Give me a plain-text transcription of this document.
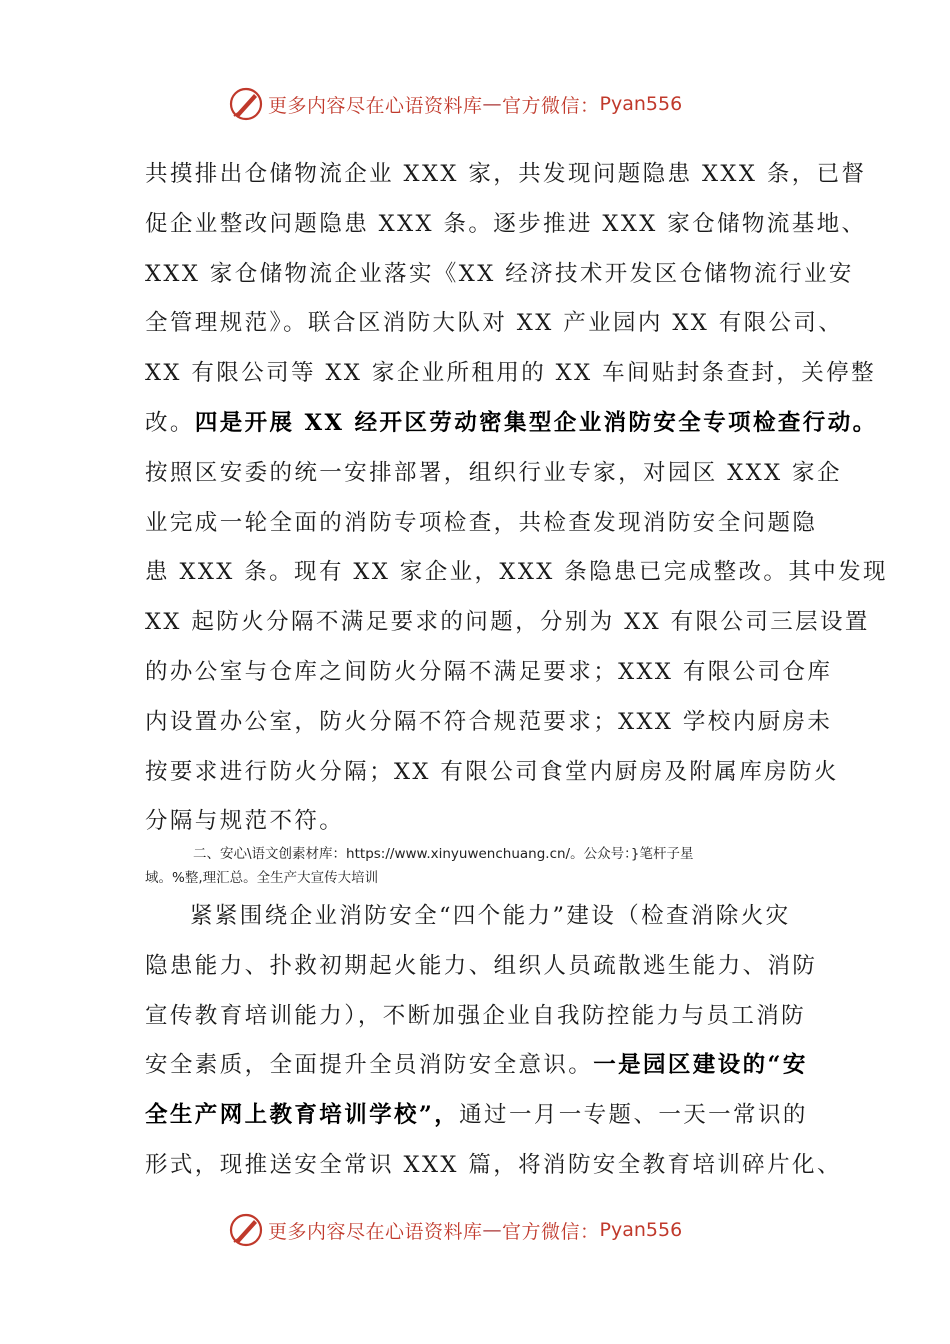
更多内容尽在心语资料库 — 官方微信： Pyan556
共摸排出仓储物流企业 XXX 家，共发现问题隐患 XXX 条，已督
促企业整改问题隐患 XXX 条。逐步推进 XXX 家仓储物流基地、
XXX 家仓储物流企业落实《XX 经济技术开发区仓储物流行业安
全管理规范》。联合区消防大队对 XX 产业园内 XX 有限公司、
XX 有限公司等 XX 家企业所租用的 XX 车间贴封条查封，关停整
改。四是开展 XX 经开区劳动密集型企业消防安全专项检查行动。
按照区安委的统一安排部署，组织行业专家，对园区 XXX 家企
业完成一轮全面的消防专项检查，共检查发现消防安全问题隐
患 XXX 条。现有 XX 家企业，XXX 条隐患已完成整改。其中发现
XX 起防火分隔不满足要求的问题，分别为 XX 有限公司三层设置
的办公室与仓库之间防火分隔不满足要求；XXX 有限公司仓库
内设置办公室，防火分隔不符合规范要求；XXX 学校内厨房未
按要求进行防火分隔；XX 有限公司食堂内厨房及附属库房防火
分隔与规范不符。
二、安心\语文创素材库：https://www.xinyuwenchuang.cn/。公众号：}笔杆子星
域。%整,理汇总。全生产大宣传大培训
紧紧围绕企业消防安全“四个能力”建设（检查消除火灾
隐患能力、扑救初期起火能力、组织人员疏散逃生能力、消防
宣传教育培训能力），不断加强企业自我防控能力与员工消防
安全素质，全面提升全员消防安全意识。一是园区建设的“安
全生产网上教育培训学校”，通过一月一专题、一天一常识的
形式，现推送安全常识 XXX 篇，将消防安全教育培训碎片化、
更多内容尽在心语资料库 — 官方微信： Pyan556
